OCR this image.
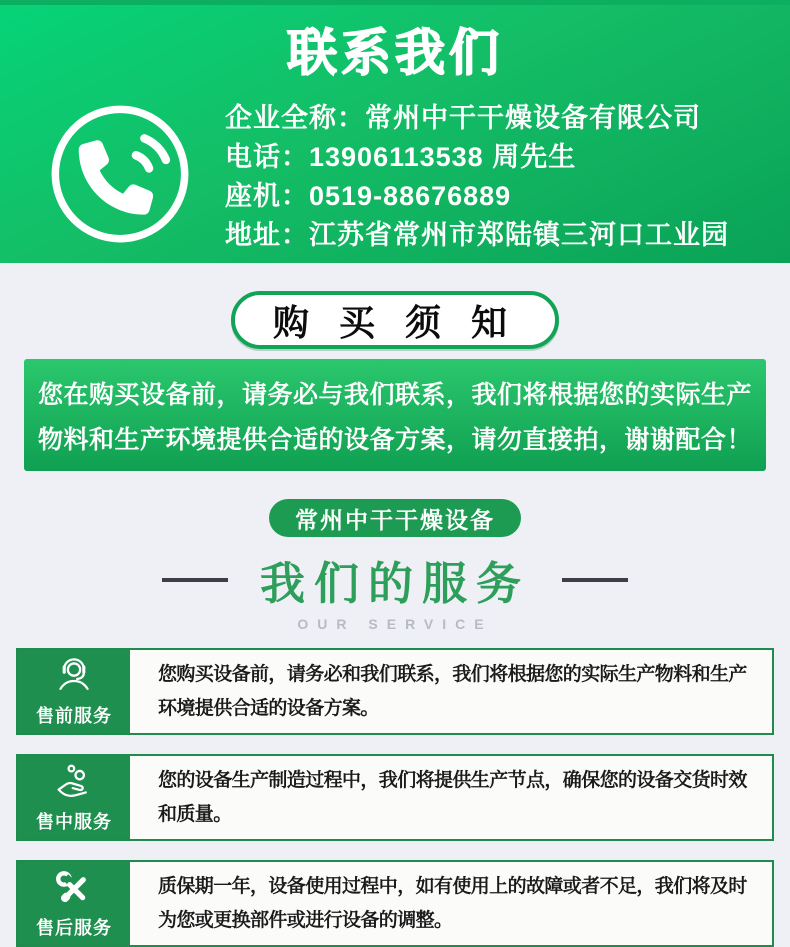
联系我们
企业全称：常州中干干燥设备有限公司
电话：13906113538 周先生
座机：0519-88676889
地址：江苏省常州市郑陆镇三河口工业园
购 买 须 知
您在购买设备前，请务必与我们联系，我们将根据您的实际生产
物料和生产环境提供合适的设备方案，请勿直接拍，谢谢配合！
常州中干干燥设备
我们的服务
OUR SERVICE
售前服务
您购买设备前，请务必和我们联系，我们将根据您的实际生产物料和生产环境提供合适的设备方案。
售中服务
您的设备生产制造过程中，我们将提供生产节点，确保您的设备交货时效和质量。
售后服务
质保期一年，设备使用过程中，如有使用上的故障或者不足，我们将及时为您或更换部件或进行设备的调整。
